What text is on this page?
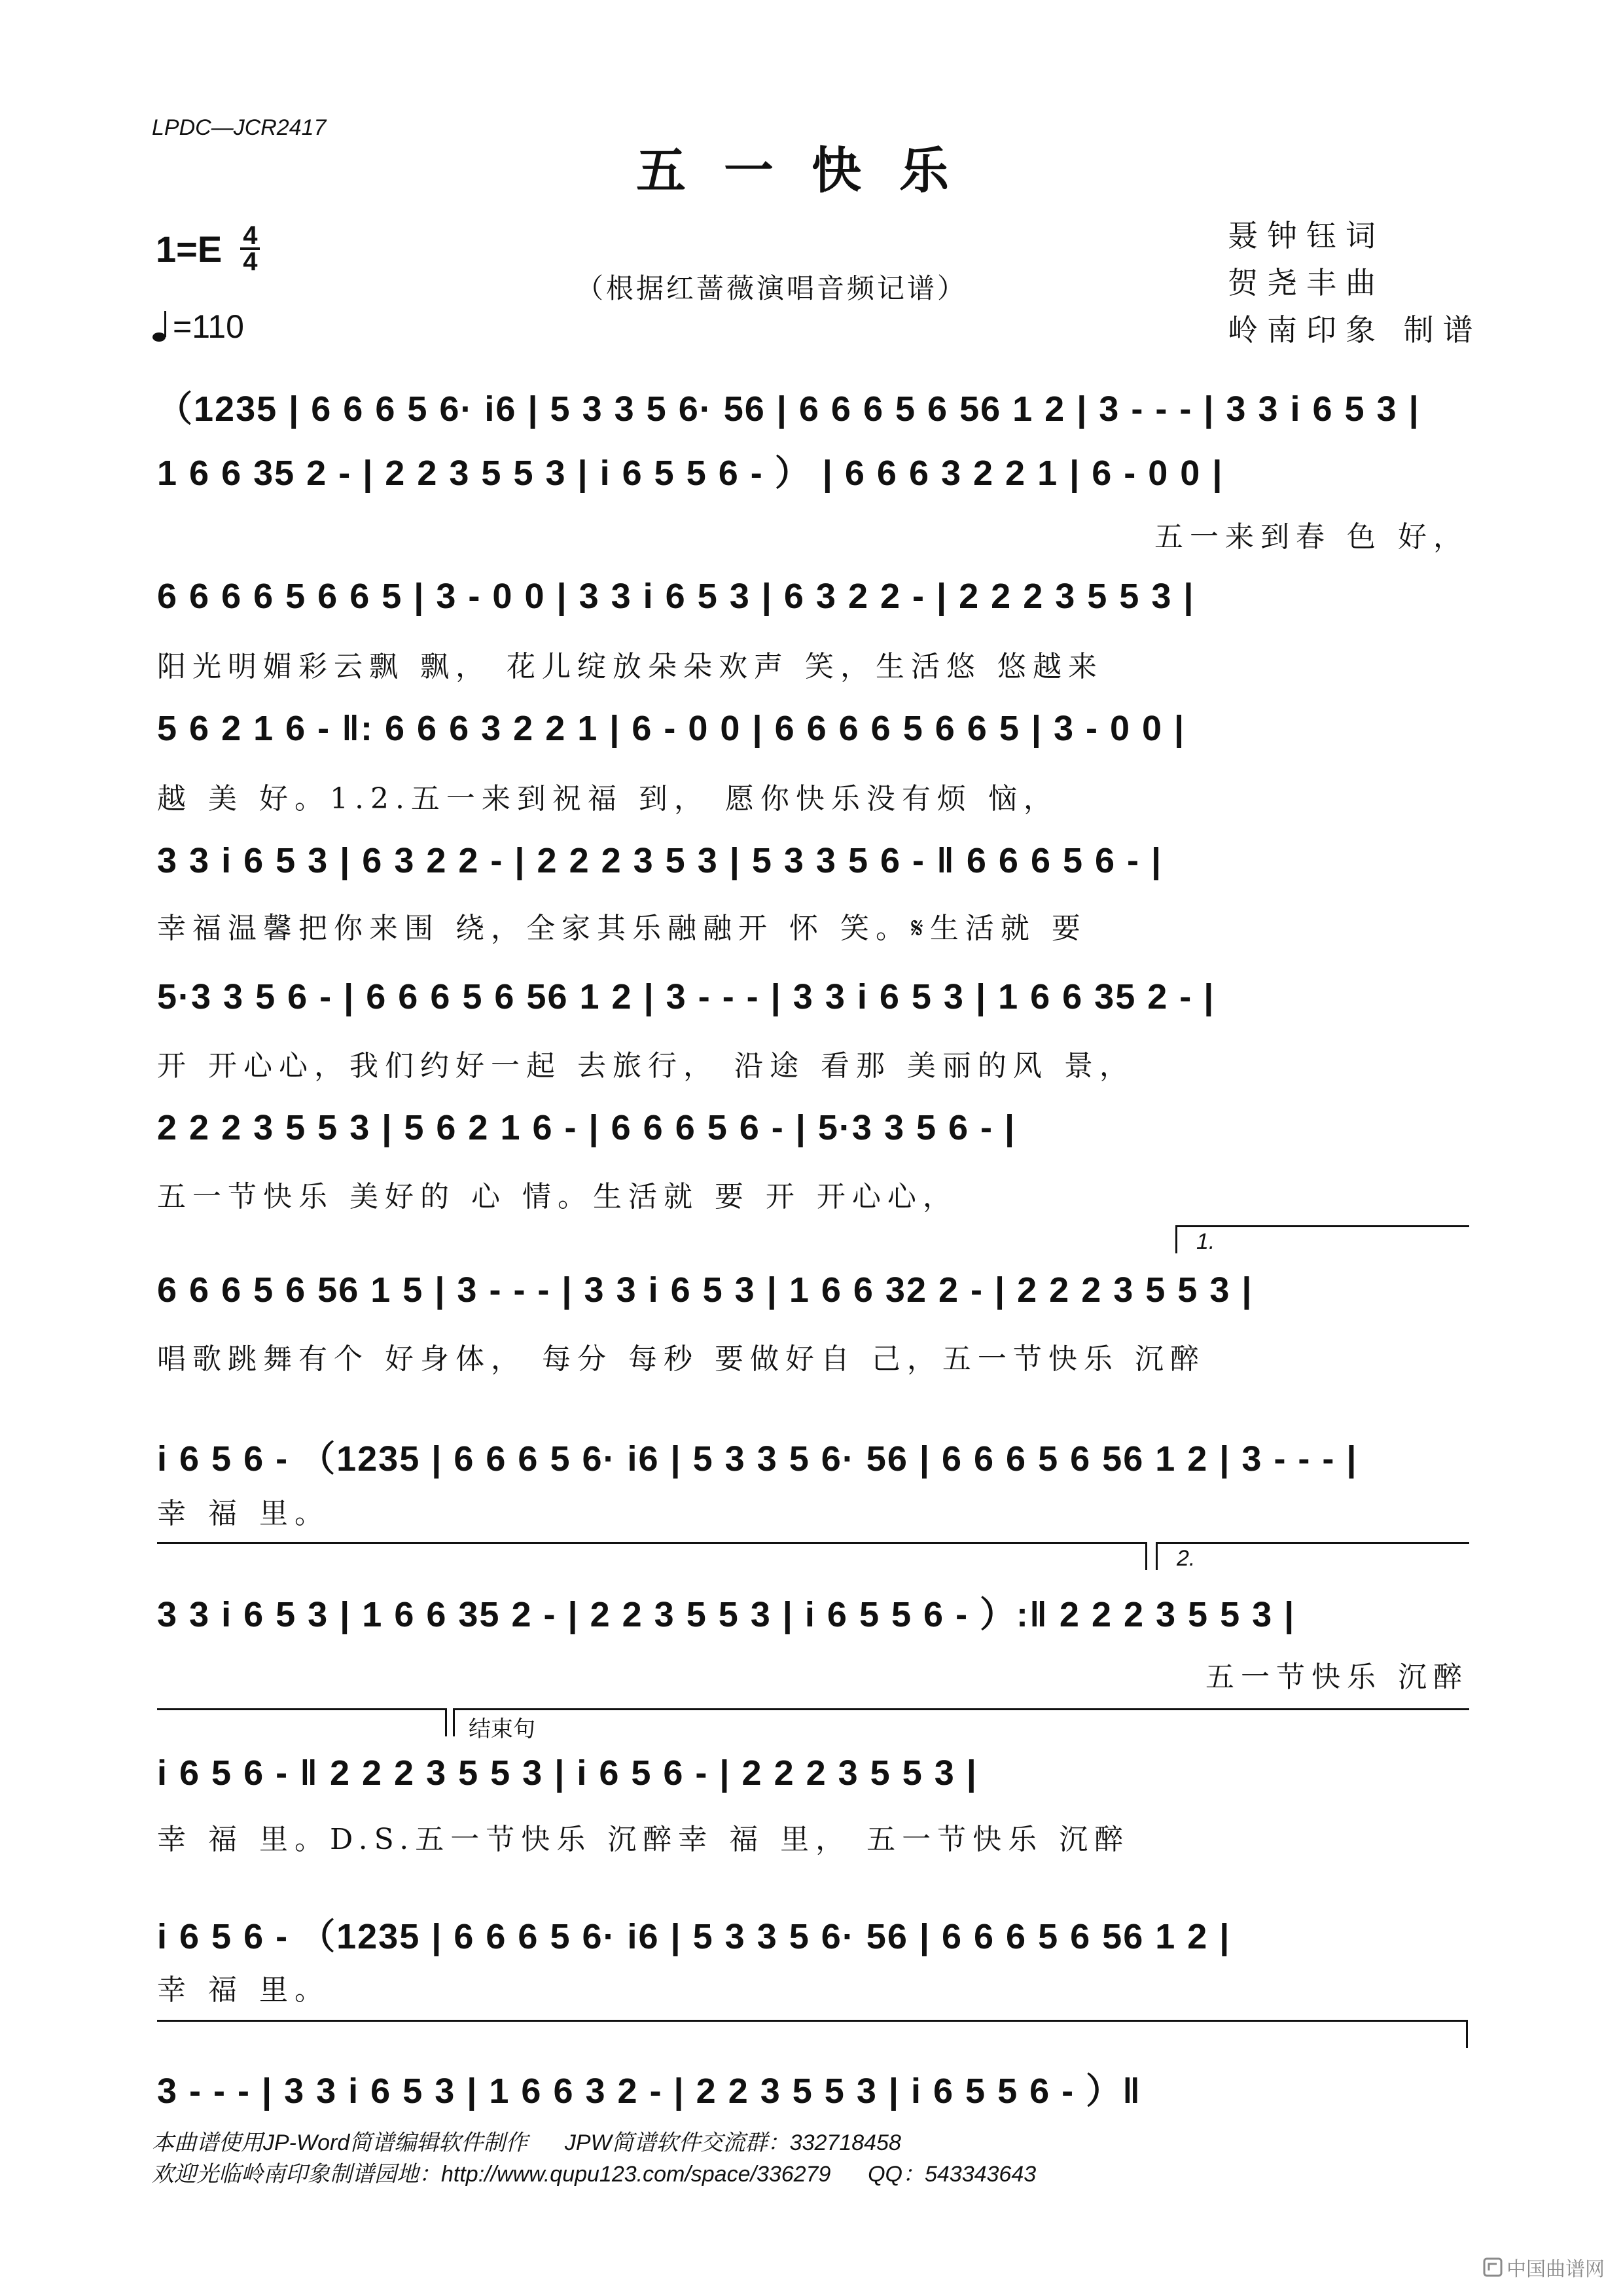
LPDC—JCR2417
五一快乐
$1=E \frac{4}{4}$
=110
（根据红蔷薇演唱音频记谱）
聂钟钰词
贺尧丰曲
岭南印象 制谱
（1235 | 6 6 6 5 6· i6 | 5 3 3 5 6· 56 | 6 6 6 5 6 56 1 2 | 3 - - - | 3 3 i 6 5 3 |
1 6 6 35 2 - | 2 2 3 5 5 3 | i 6 5 5 6 - ） | 6 6 6 3 2 2 1 | 6 - 0 0 |
五一来到春 色 好，
6 6 6 6 5 6 6 5 | 3 - 0 0 | 3 3 i 6 5 3 | 6 3 2 2 - | 2 2 2 3 5 5 3 |
阳光明媚彩云飘 飘， 花儿绽放朵朵欢声 笑，生活悠 悠越来
5 6 2 1 6 - ‖: 6 6 6 3 2 2 1 | 6 - 0 0 | 6 6 6 6 5 6 6 5 | 3 - 0 0 |
越 美 好。1.2.五一来到祝福 到， 愿你快乐没有烦 恼，
3 3 i 6 5 3 | 6 3 2 2 - | 2 2 2 3 5 3 | 5 3 3 5 6 - ‖ 6 6 6 5 6 - |
幸福温馨把你来围 绕，全家其乐融融开 怀 笑。𝄋生活就 要
5·3 3 5 6 - | 6 6 6 5 6 56 1 2 | 3 - - - | 3 3 i 6 5 3 | 1 6 6 35 2 - |
开 开心心，我们约好一起 去旅行， 沿途 看那 美丽的风 景，
2 2 2 3 5 5 3 | 5 6 2 1 6 - | 6 6 6 5 6 - | 5·3 3 5 6 - |
五一节快乐 美好的 心 情。生活就 要 开 开心心，
1.
6 6 6 5 6 56 1 5 | 3 - - - | 3 3 i 6 5 3 | 1 6 6 32 2 - | 2 2 2 3 5 5 3 |
唱歌跳舞有个 好身体， 每分 每秒 要做好自 己，五一节快乐 沉醉
i 6 5 6 - （1235 | 6 6 6 5 6· i6 | 5 3 3 5 6· 56 | 6 6 6 5 6 56 1 2 | 3 - - - |
幸 福 里。
2.
3 3 i 6 5 3 | 1 6 6 35 2 - | 2 2 3 5 5 3 | i 6 5 5 6 - ）:‖ 2 2 2 3 5 5 3 |
五一节快乐 沉醉
结束句
i 6 5 6 - ‖ 2 2 2 3 5 5 3 | i 6 5 6 - | 2 2 2 3 5 5 3 |
幸 福 里。D.S.五一节快乐 沉醉幸 福 里， 五一节快乐 沉醉
i 6 5 6 - （1235 | 6 6 6 5 6· i6 | 5 3 3 5 6· 56 | 6 6 6 5 6 56 1 2 |
幸 福 里。
3 - - - | 3 3 i 6 5 3 | 1 6 6 3 2 - | 2 2 3 5 5 3 | i 6 5 5 6 - ）‖
本曲谱使用JP-Word简谱编辑软件制作      JPW简谱软件交流群：332718458
欢迎光临岭南印象制谱园地：http://www.qupu123.com/space/336279      QQ：543343643
中国曲谱网
